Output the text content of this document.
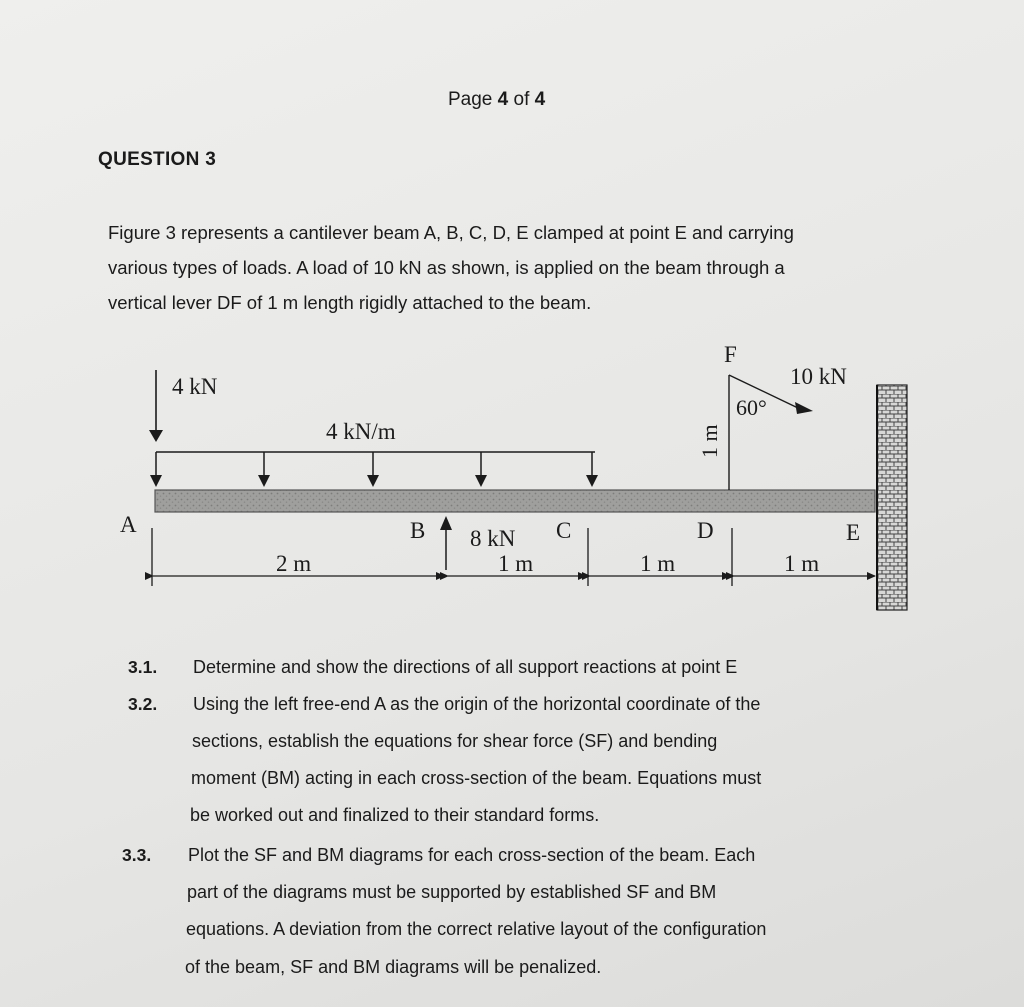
Page 4 of 4
QUESTION 3

Figure 3 represents a cantilever beam A, B, C, D, E clamped at point E and carrying

various types of loads. A load of 10 kN as shown, is applied on the beam through a

vertical lever DF of 1 m length rigidly attached to the beam.

4 kN
4 kN/m
F
10 kN
60°
1 m
8 kN
A	B	C	D	E
2 m	1 m	1 m	1 m
3.1. Determine and show the directions of all support reactions at point E
3.2. Using the left free-end A as the origin of the horizontal coordinate of the
sections, establish the equations for shear force (SF) and bending
moment (BM) acting in each cross-section of the beam. Equations must
be worked out and finalized to their standard forms.
3.3. Plot the SF and BM diagrams for each cross-section of the beam. Each
part of the diagrams must be supported by established SF and BM
equations. A deviation from the correct relative layout of the configuration
of the beam, SF and BM diagrams will be penalized.
